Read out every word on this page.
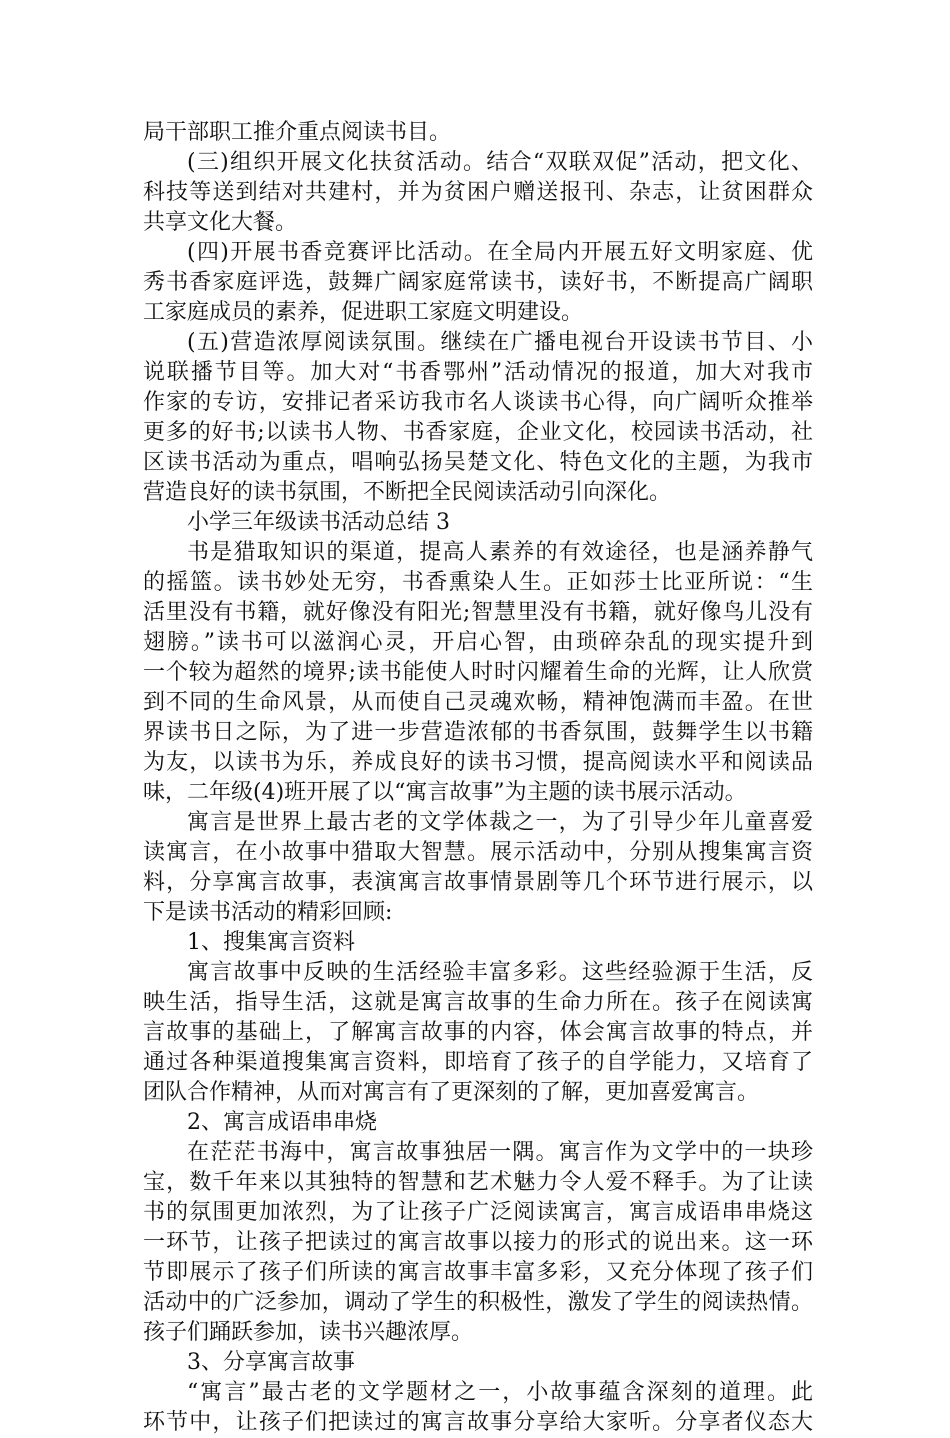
局干部职工推介重点阅读书目。
(三)组织开展文化扶贫活动。结合“双联双促”活动，把文化、
科技等送到结对共建村，并为贫困户赠送报刊、杂志，让贫困群众
共享文化大餐。
(四)开展书香竞赛评比活动。在全局内开展五好文明家庭、优
秀书香家庭评选，鼓舞广阔家庭常读书，读好书，不断提高广阔职
工家庭成员的素养，促进职工家庭文明建设。
(五)营造浓厚阅读氛围。继续在广播电视台开设读书节目、小
说联播节目等。加大对“书香鄂州”活动情况的报道，加大对我市
作家的专访，安排记者采访我市名人谈读书心得，向广阔听众推举
更多的好书;以读书人物、书香家庭，企业文化，校园读书活动，社
区读书活动为重点，唱响弘扬吴楚文化、特色文化的主题，为我市
营造良好的读书氛围，不断把全民阅读活动引向深化。
小学三年级读书活动总结 3
书是猎取知识的渠道，提高人素养的有效途径，也是涵养静气
的摇篮。读书妙处无穷，书香熏染人生。正如莎士比亚所说：“生
活里没有书籍，就好像没有阳光;智慧里没有书籍，就好像鸟儿没有
翅膀。”读书可以滋润心灵，开启心智，由琐碎杂乱的现实提升到
一个较为超然的境界;读书能使人时时闪耀着生命的光辉，让人欣赏
到不同的生命风景，从而使自己灵魂欢畅，精神饱满而丰盈。在世
界读书日之际，为了进一步营造浓郁的书香氛围，鼓舞学生以书籍
为友，以读书为乐，养成良好的读书习惯，提高阅读水平和阅读品
味，二年级(4)班开展了以“寓言故事”为主题的读书展示活动。
寓言是世界上最古老的文学体裁之一，为了引导少年儿童喜爱
读寓言，在小故事中猎取大智慧。展示活动中，分别从搜集寓言资
料，分享寓言故事，表演寓言故事情景剧等几个环节进行展示，以
下是读书活动的精彩回顾:
1、搜集寓言资料
寓言故事中反映的生活经验丰富多彩。这些经验源于生活，反
映生活，指导生活，这就是寓言故事的生命力所在。孩子在阅读寓
言故事的基础上，了解寓言故事的内容，体会寓言故事的特点，并
通过各种渠道搜集寓言资料，即培育了孩子的自学能力，又培育了
团队合作精神，从而对寓言有了更深刻的了解，更加喜爱寓言。
2、寓言成语串串烧
在茫茫书海中，寓言故事独居一隅。寓言作为文学中的一块珍
宝，数千年来以其独特的智慧和艺术魅力令人爱不释手。为了让读
书的氛围更加浓烈，为了让孩子广泛阅读寓言，寓言成语串串烧这
一环节，让孩子把读过的寓言故事以接力的形式的说出来。这一环
节即展示了孩子们所读的寓言故事丰富多彩，又充分体现了孩子们
活动中的广泛参加，调动了学生的积极性，激发了学生的阅读热情。
孩子们踊跃参加，读书兴趣浓厚。
3、分享寓言故事
“寓言”最古老的文学题材之一，小故事蕴含深刻的道理。此
环节中，让孩子们把读过的寓言故事分享给大家听。分享者仪态大
